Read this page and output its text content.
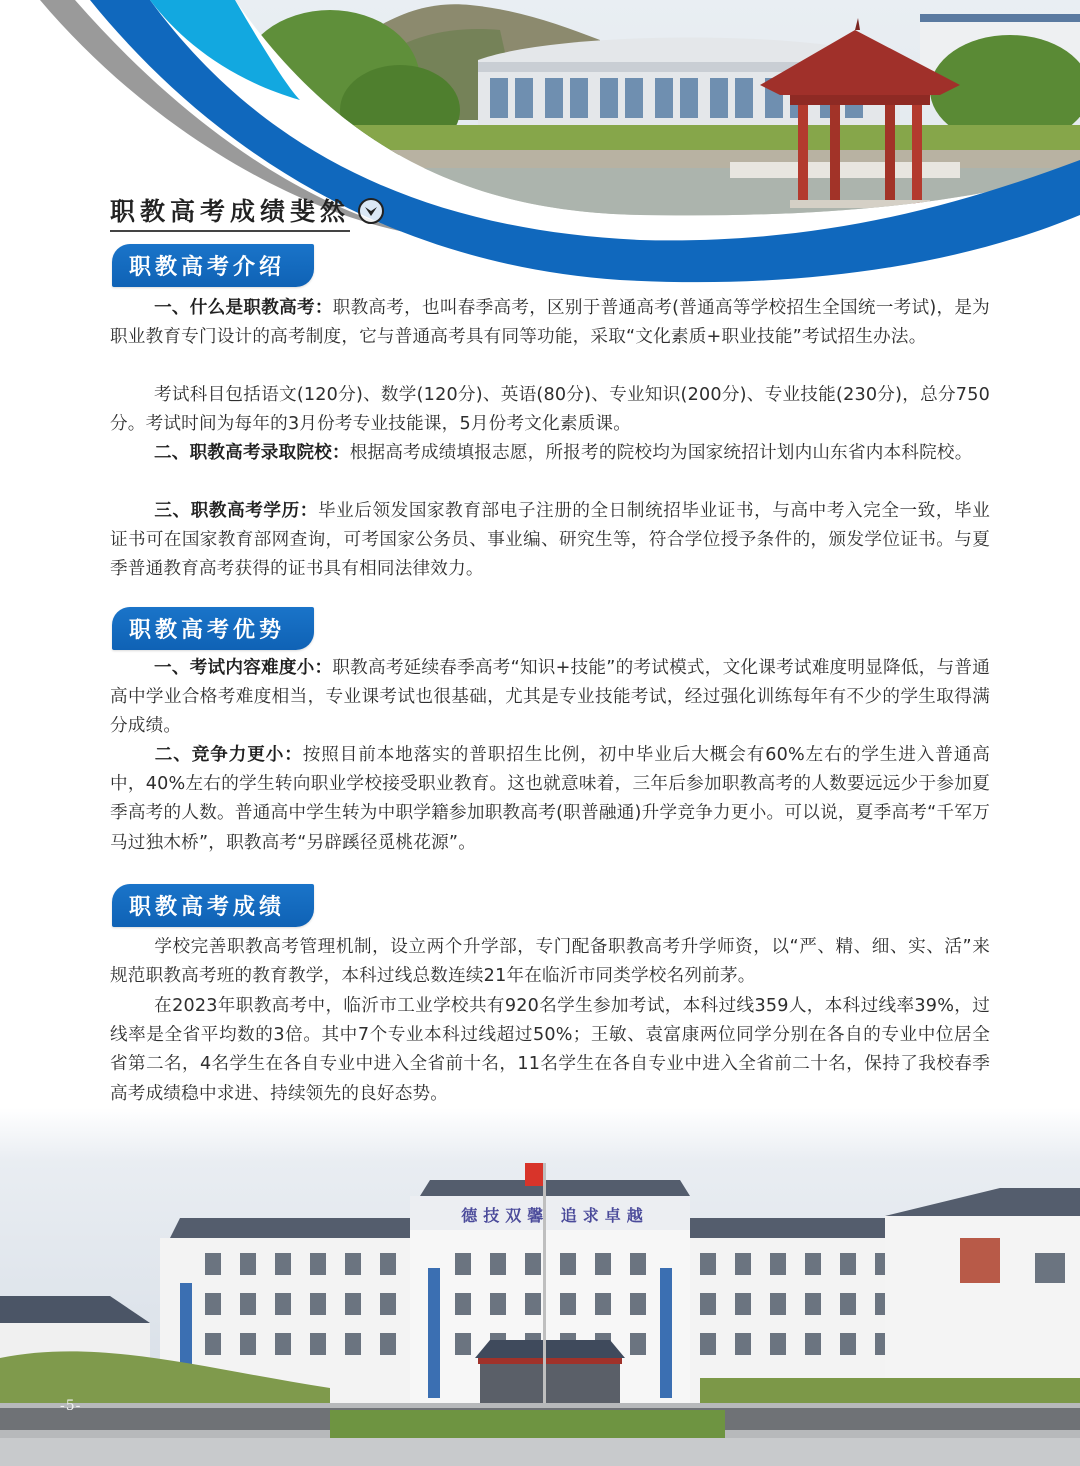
职教高考成绩斐然
职教高考介绍
一、什么是职教高考：职教高考，也叫春季高考，区别于普通高考(普通高等学校招生全国统一考试)，是为职业教育专门设计的高考制度，它与普通高考具有同等功能，采取“文化素质+职业技能”考试招生办法。
考试科目包括语文(120分)、数学(120分)、英语(80分)、专业知识(200分)、专业技能(230分)，总分750分。考试时间为每年的3月份考专业技能课，5月份考文化素质课。
二、职教高考录取院校：根据高考成绩填报志愿，所报考的院校均为国家统招计划内山东省内本科院校。
三、职教高考学历：毕业后领发国家教育部电子注册的全日制统招毕业证书，与高中考入完全一致，毕业证书可在国家教育部网查询，可考国家公务员、事业编、研究生等，符合学位授予条件的，颁发学位证书。与夏季普通教育高考获得的证书具有相同法律效力。
职教高考优势
一、考试内容难度小：职教高考延续春季高考“知识+技能”的考试模式，文化课考试难度明显降低，与普通高中学业合格考难度相当，专业课考试也很基础，尤其是专业技能考试，经过强化训练每年有不少的学生取得满分成绩。
二、竞争力更小：按照目前本地落实的普职招生比例，初中毕业后大概会有60%左右的学生进入普通高中，40%左右的学生转向职业学校接受职业教育。这也就意味着，三年后参加职教高考的人数要远远少于参加夏季高考的人数。普通高中学生转为中职学籍参加职教高考(职普融通)升学竞争力更小。可以说，夏季高考“千军万马过独木桥”，职教高考“另辟蹊径觅桃花源”。
职教高考成绩
学校完善职教高考管理机制，设立两个升学部，专门配备职教高考升学师资，以“严、精、细、实、活”来规范职教高考班的教育教学，本科过线总数连续21年在临沂市同类学校名列前茅。
在2023年职教高考中，临沂市工业学校共有920名学生参加考试，本科过线359人，本科过线率39%，过线率是全省平均数的3倍。其中7个专业本科过线超过50%；王敏、袁富康两位同学分别在各自的专业中位居全省第二名，4名学生在各自专业中进入全省前十名，11名学生在各自专业中进入全省前二十名，保持了我校春季高考成绩稳中求进、持续领先的良好态势。
德技双馨 追求卓越
-5-
